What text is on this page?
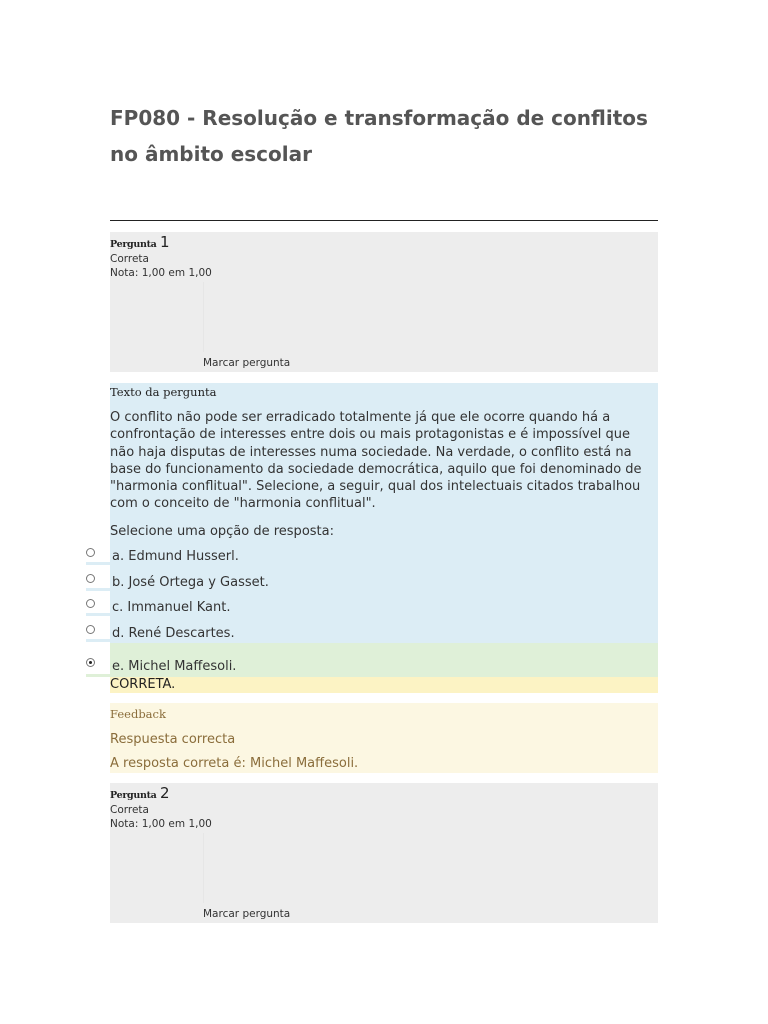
FP080 - Resolução e transformação de conflitos no âmbito escolar
Pergunta 1
Correta
Nota: 1,00 em 1,00
Marcar pergunta
Texto da pergunta

O conflito não pode ser erradicado totalmente já que ele ocorre quando há a confrontação de interesses entre dois ou mais protagonistas e é impossível que não haja disputas de interesses numa sociedade. Na verdade, o conflito está na base do funcionamento da sociedade democrática, aquilo que foi denominado de "harmonia conflitual". Selecione, a seguir, qual dos intelectuais citados trabalhou com o conceito de "harmonia conflitual".

Selecione uma opção de resposta:
a. Edmund Husserl.
b. José Ortega y Gasset.
c. Immanuel Kant.
d. René Descartes.
e. Michel Maffesoli.
CORRETA.
Feedback
Respuesta correcta
A resposta correta é: Michel Maffesoli.
Pergunta 2
Correta
Nota: 1,00 em 1,00
Marcar pergunta
